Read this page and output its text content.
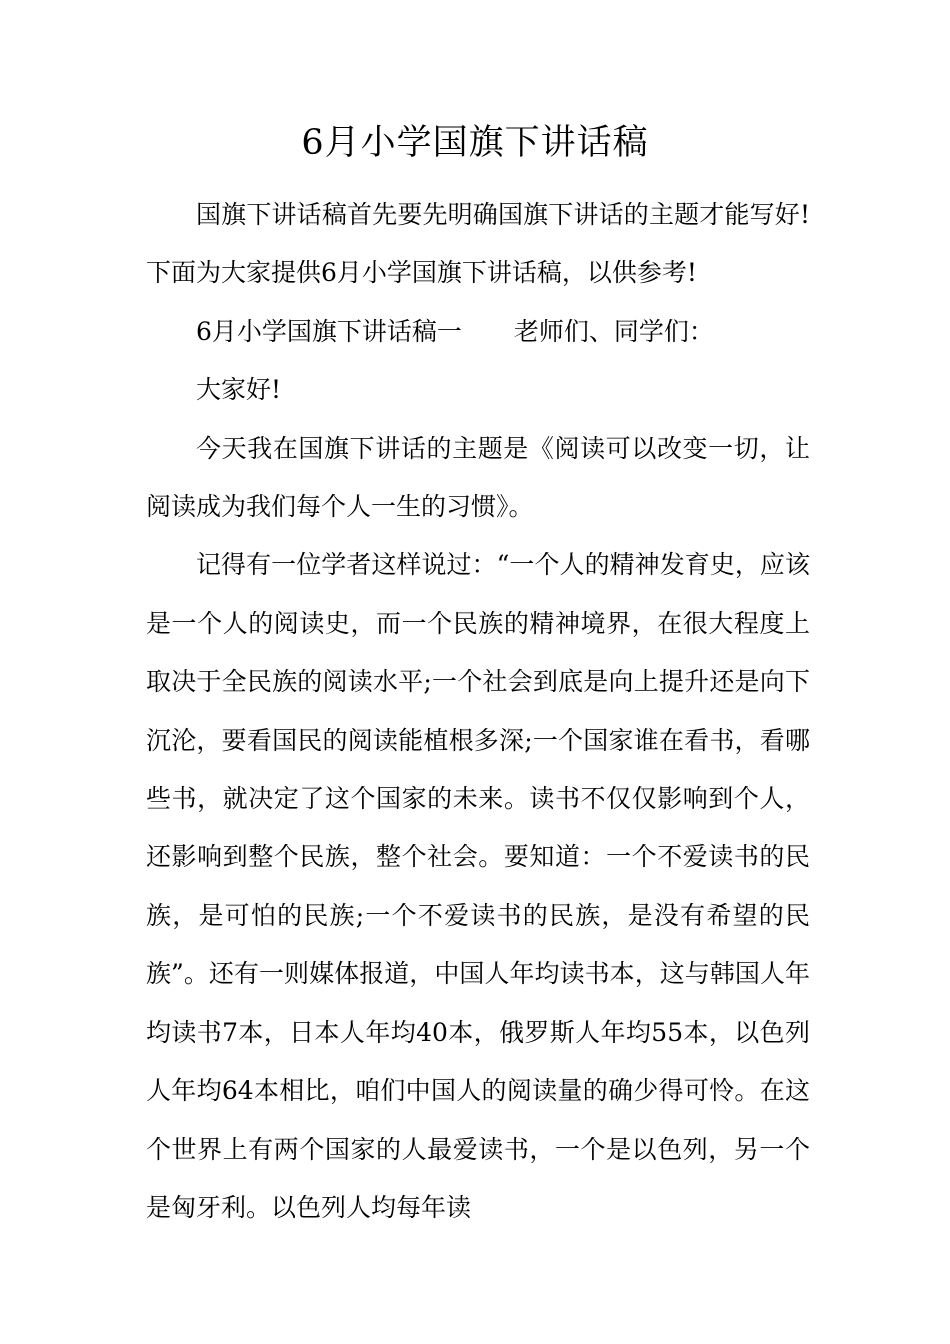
6月小学国旗下讲话稿

国旗下讲话稿首先要先明确国旗下讲话的主题才能写好!下面为大家提供6月小学国旗下讲话稿，以供参考!

6月小学国旗下讲话稿一 老师们、同学们：

大家好!

今天我在国旗下讲话的主题是《阅读可以改变一切，让阅读成为我们每个人一生的习惯》。

记得有一位学者这样说过：“一个人的精神发育史，应该是一个人的阅读史，而一个民族的精神境界，在很大程度上取决于全民族的阅读水平;一个社会到底是向上提升还是向下沉沦，要看国民的阅读能植根多深;一个国家谁在看书，看哪些书，就决定了这个国家的未来。读书不仅仅影响到个人，还影响到整个民族，整个社会。要知道：一个不爱读书的民族，是可怕的民族;一个不爱读书的民族，是没有希望的民族”。还有一则媒体报道，中国人年均读书本，这与韩国人年均读书7本，日本人年均40本，俄罗斯人年均55本，以色列人年均64本相比，咱们中国人的阅读量的确少得可怜。在这个世界上有两个国家的人最爱读书，一个是以色列，另一个是匈牙利。以色列人均每年读
